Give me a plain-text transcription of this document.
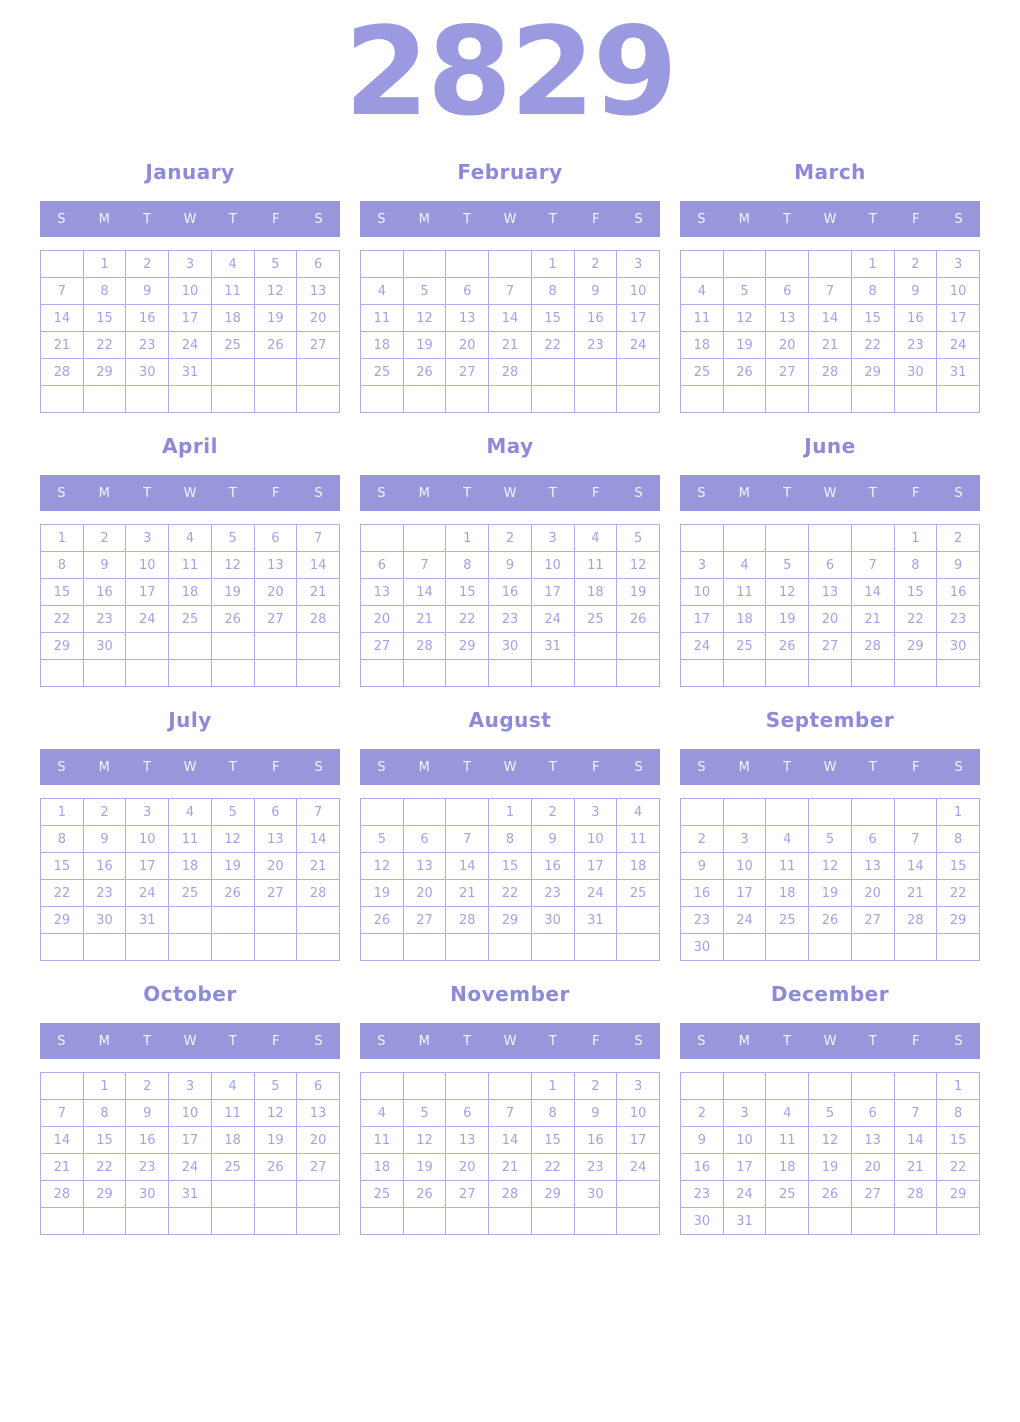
2829
January
S	M	T	W	T	F	S
	1	2	3	4	5	6
7	8	9	10	11	12	13
14	15	16	17	18	19	20
21	22	23	24	25	26	27
28	29	30	31			

February
S	M	T	W	T	F	S
				1	2	3
4	5	6	7	8	9	10
11	12	13	14	15	16	17
18	19	20	21	22	23	24
25	26	27	28			

March
S	M	T	W	T	F	S
				1	2	3
4	5	6	7	8	9	10
11	12	13	14	15	16	17
18	19	20	21	22	23	24
25	26	27	28	29	30	31

April
S	M	T	W	T	F	S
1	2	3	4	5	6	7
8	9	10	11	12	13	14
15	16	17	18	19	20	21
22	23	24	25	26	27	28
29	30					

May
S	M	T	W	T	F	S
		1	2	3	4	5
6	7	8	9	10	11	12
13	14	15	16	17	18	19
20	21	22	23	24	25	26
27	28	29	30	31		

June
S	M	T	W	T	F	S
					1	2
3	4	5	6	7	8	9
10	11	12	13	14	15	16
17	18	19	20	21	22	23
24	25	26	27	28	29	30

July
S	M	T	W	T	F	S
1	2	3	4	5	6	7
8	9	10	11	12	13	14
15	16	17	18	19	20	21
22	23	24	25	26	27	28
29	30	31				

August
S	M	T	W	T	F	S
			1	2	3	4
5	6	7	8	9	10	11
12	13	14	15	16	17	18
19	20	21	22	23	24	25
26	27	28	29	30	31	

September
S	M	T	W	T	F	S
						1
2	3	4	5	6	7	8
9	10	11	12	13	14	15
16	17	18	19	20	21	22
23	24	25	26	27	28	29
30						
October
S	M	T	W	T	F	S
	1	2	3	4	5	6
7	8	9	10	11	12	13
14	15	16	17	18	19	20
21	22	23	24	25	26	27
28	29	30	31			

November
S	M	T	W	T	F	S
				1	2	3
4	5	6	7	8	9	10
11	12	13	14	15	16	17
18	19	20	21	22	23	24
25	26	27	28	29	30	

December
S	M	T	W	T	F	S
						1
2	3	4	5	6	7	8
9	10	11	12	13	14	15
16	17	18	19	20	21	22
23	24	25	26	27	28	29
30	31					
